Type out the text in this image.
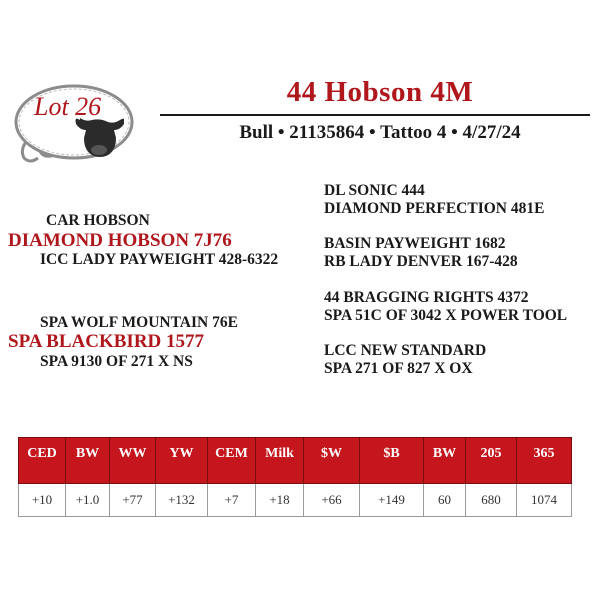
Lot 26	44 Hobson 4M
Bull • 21135864 • Tattoo 4 • 4/27/24
CAR HOBSON
DIAMOND HOBSON 7J76
ICC LADY PAYWEIGHT 428-6322
SPA WOLF MOUNTAIN 76E
SPA BLACKBIRD 1577
SPA 9130 OF 271 X NS
DL SONIC 444
DIAMOND PERFECTION 481E
BASIN PAYWEIGHT 1682
RB LADY DENVER 167-428
44 BRAGGING RIGHTS 4372
SPA 51C OF 3042 X POWER TOOL
LCC NEW STANDARD
SPA 271 OF 827 X OX
CED	BW	WW	YW	CEM	Milk	$W	$B	BW	205	365
+10	+1.0	+77	+132	+7	+18	+66	+149	60	680	1074
